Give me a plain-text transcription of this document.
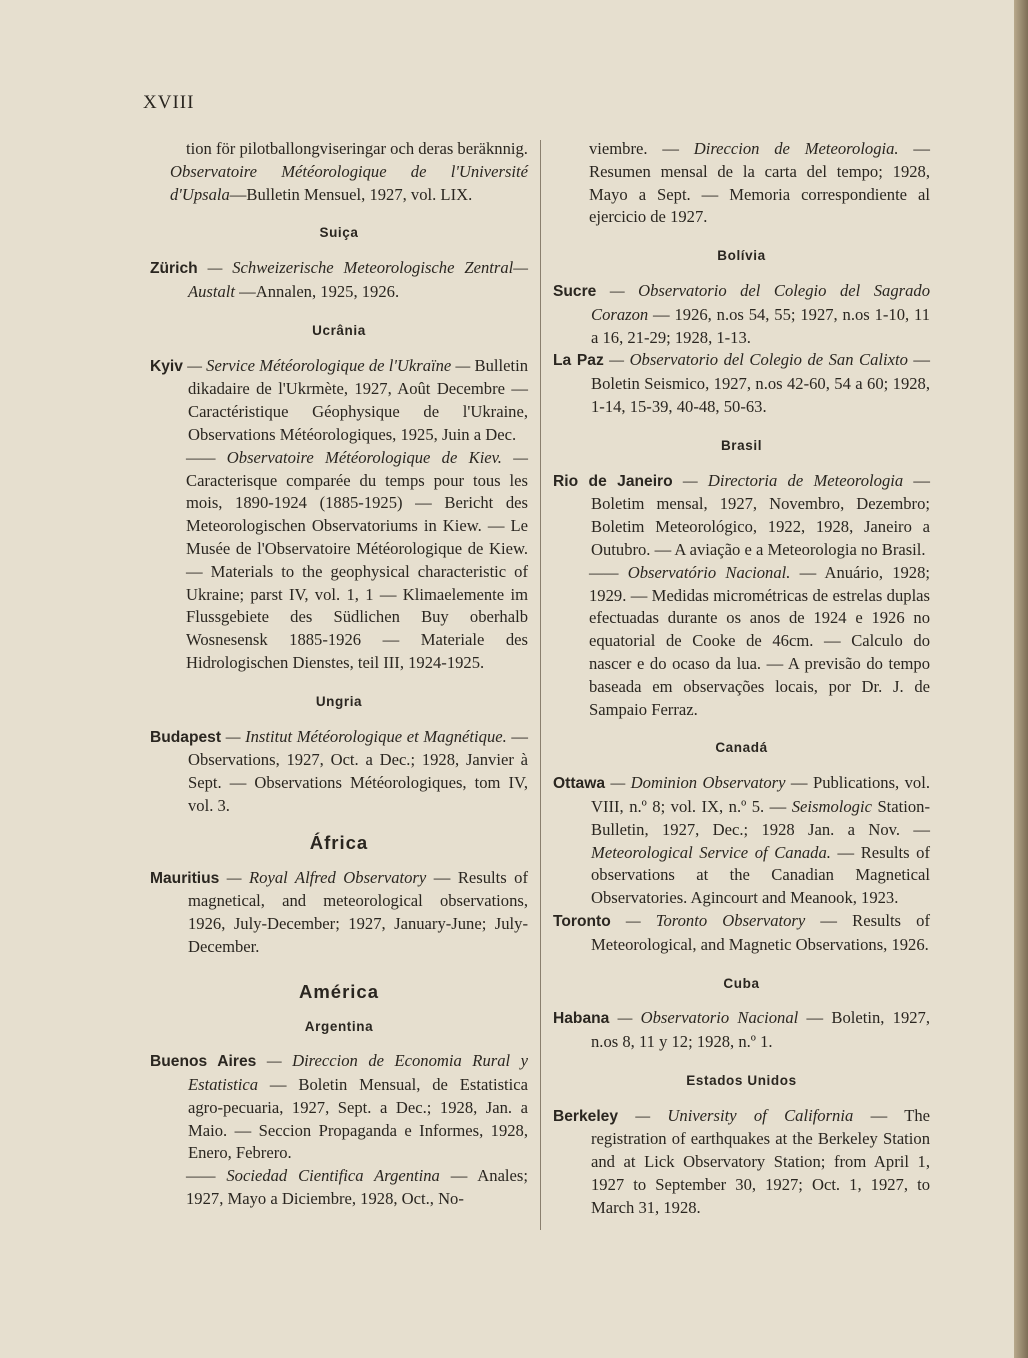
XVIII

tion för pilotballongviseringar och deras beräknnig.

Observatoire Météorologique de l'Université d'Upsala—Bulletin Mensuel, 1927, vol. LIX.

Suiça

Zürich — Schweizerische Meteorologische Zentral—Austalt —Annalen, 1925, 1926.

Ucrânia

Kyiv — Service Météorologique de l'Ukraïne — Bulletin dikadaire de l'Ukrmète, 1927, Août Decembre — Caractéristique Géophysique de l'Ukraine, Observations Météorologiques, 1925, Juin a Dec.

—— Observatoire Météorologique de Kiev. — Caracterisque comparée du temps pour tous les mois, 1890-1924 (1885-1925) — Bericht des Meteorologischen Observatoriums in Kiew. — Le Musée de l'Observatoire Météorologique de Kiew. — Materials to the geophysical characteristic of Ukraine; parst IV, vol. 1, 1 — Klimaelemente im Flussgebiete des Südlichen Buy oberhalb Wosnesensk 1885-1926 — Materiale des Hidrologischen Dienstes, teil III, 1924-1925.

Ungria

Budapest — Institut Météorologique et Magnétique. — Observations, 1927, Oct. a Dec.; 1928, Janvier à Sept. — Observations Météorologiques, tom IV, vol. 3.

África

Mauritius — Royal Alfred Observatory — Results of magnetical, and meteorological observations, 1926, July-December; 1927, January-June; July-December.

América
Argentina

Buenos Aires — Direccion de Economia Rural y Estatistica — Boletin Mensual, de Estatistica agro-pecuaria, 1927, Sept. a Dec.; 1928, Jan. a Maio. — Seccion Propaganda e Informes, 1928, Enero, Febrero.

—— Sociedad Cientifica Argentina — Anales; 1927, Mayo a Diciembre, 1928, Oct., No-

viembre. — Direccion de Meteorologia. — Resumen mensal de la carta del tempo; 1928, Mayo a Sept. — Memoria correspondiente al ejercicio de 1927.

Bolívia

Sucre — Observatorio del Colegio del Sagrado Corazon — 1926, n.os 54, 55; 1927, n.os 1-10, 11 a 16, 21-29; 1928, 1-13.

La Paz — Observatorio del Colegio de San Calixto — Boletin Seismico, 1927, n.os 42-60, 54 a 60; 1928, 1-14, 15-39, 40-48, 50-63.

Brasil

Rio de Janeiro — Directoria de Meteorologia — Boletim mensal, 1927, Novembro, Dezembro; Boletim Meteorológico, 1922, 1928, Janeiro a Outubro. — A aviação e a Meteorologia no Brasil.

—— Observatório Nacional. — Anuário, 1928; 1929. — Medidas micrométricas de estrelas duplas efectuadas durante os anos de 1924 e 1926 no equatorial de Cooke de 46cm. — Calculo do nascer e do ocaso da lua. — A previsão do tempo baseada em observações locais, por Dr. J. de Sampaio Ferraz.

Canadá

Ottawa — Dominion Observatory — Publications, vol. VIII, n.º 8; vol. IX, n.º 5. — Seismologic Station-Bulletin, 1927, Dec.; 1928 Jan. a Nov. — Meteorological Service of Canada. — Results of observations at the Canadian Magnetical Observatories. Agincourt and Meanook, 1923.

Toronto — Toronto Observatory — Results of Meteorological, and Magnetic Observations, 1926.

Cuba

Habana — Observatorio Nacional — Boletin, 1927, n.os 8, 11 y 12; 1928, n.º 1.

Estados Unidos

Berkeley — University of California — The registration of earthquakes at the Berkeley Station and at Lick Observatory Station; from April 1, 1927 to September 30, 1927; Oct. 1, 1927, to March 31, 1928.
